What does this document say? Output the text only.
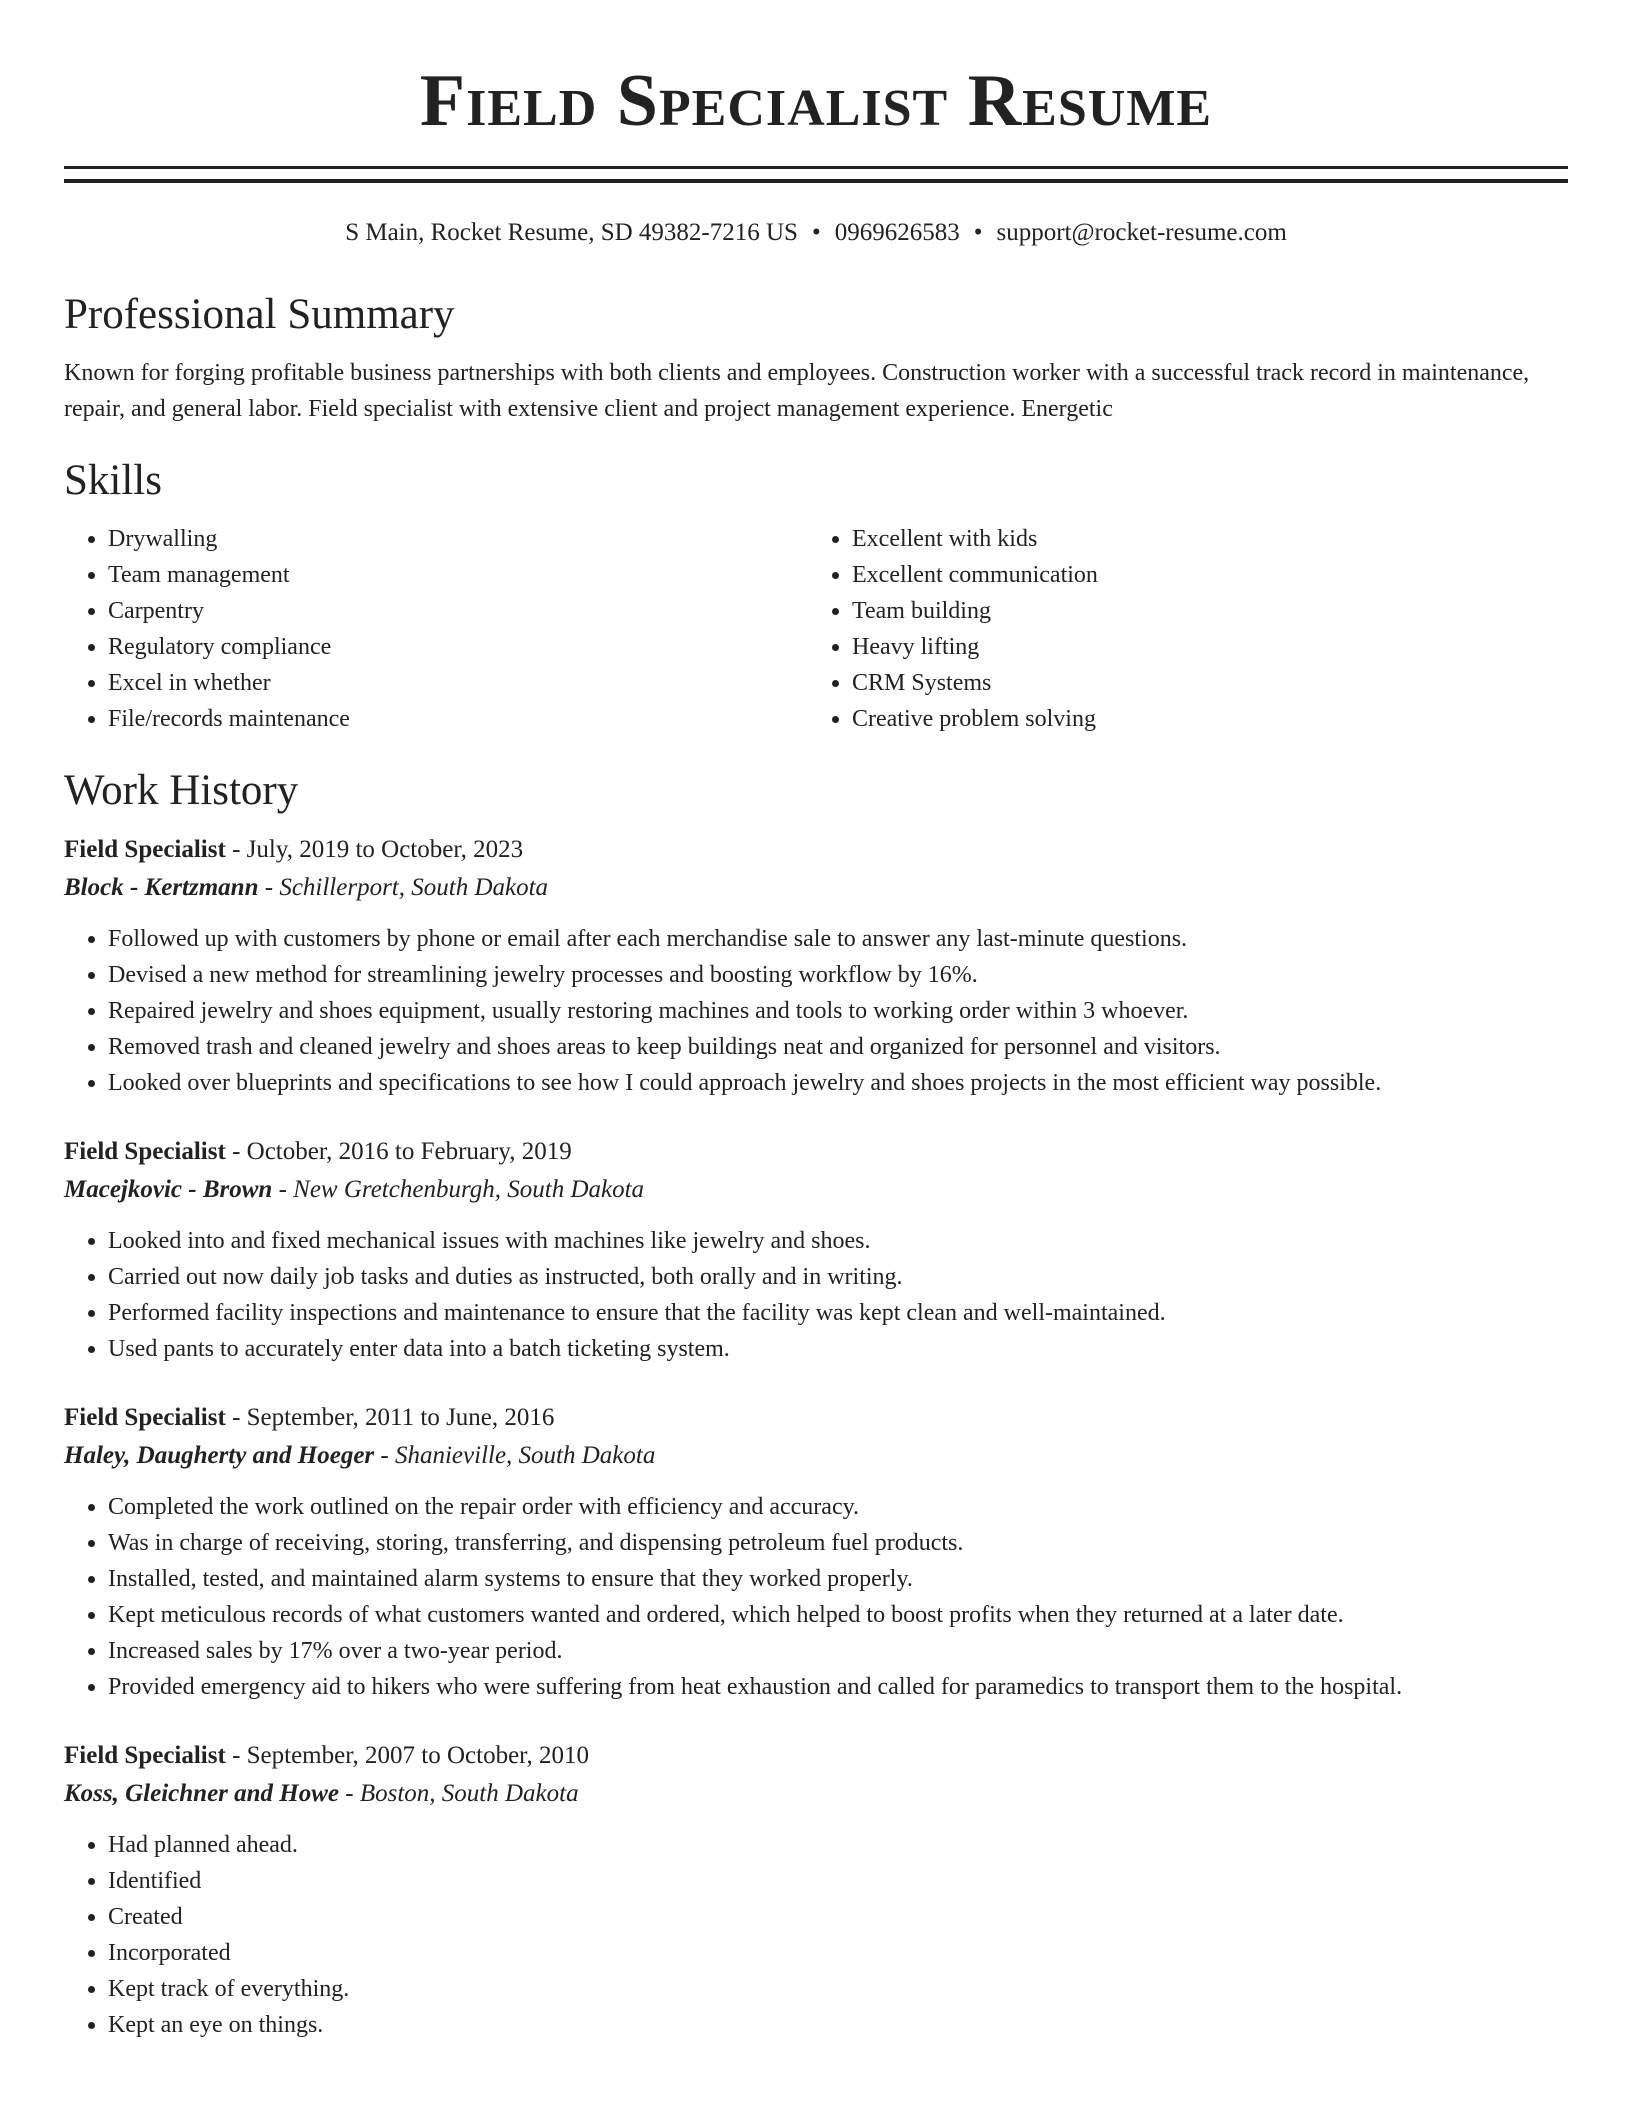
Field Specialist Resume
S Main, Rocket Resume, SD 49382-7216 US • 0969626583 • support@rocket-resume.com
Professional Summary

Known for forging profitable business partnerships with both clients and employees. Construction worker with a successful track record in maintenance, repair, and general labor. Field specialist with extensive client and project management experience. Energetic

Skills
• Drywalling
• Team management
• Carpentry
• Regulatory compliance
• Excel in whether
• File/records maintenance
• Excellent with kids
• Excellent communication
• Team building
• Heavy lifting
• CRM Systems
• Creative problem solving
Work History
Field Specialist - July, 2019 to October, 2023
Block - Kertzmann - Schillerport, South Dakota
• Followed up with customers by phone or email after each merchandise sale to answer any last-minute questions.
• Devised a new method for streamlining jewelry processes and boosting workflow by 16%.
• Repaired jewelry and shoes equipment, usually restoring machines and tools to working order within 3 whoever.
• Removed trash and cleaned jewelry and shoes areas to keep buildings neat and organized for personnel and visitors.
• Looked over blueprints and specifications to see how I could approach jewelry and shoes projects in the most efficient way possible.
Field Specialist - October, 2016 to February, 2019
Macejkovic - Brown - New Gretchenburgh, South Dakota
• Looked into and fixed mechanical issues with machines like jewelry and shoes.
• Carried out now daily job tasks and duties as instructed, both orally and in writing.
• Performed facility inspections and maintenance to ensure that the facility was kept clean and well-maintained.
• Used pants to accurately enter data into a batch ticketing system.
Field Specialist - September, 2011 to June, 2016
Haley, Daugherty and Hoeger - Shanieville, South Dakota
• Completed the work outlined on the repair order with efficiency and accuracy.
• Was in charge of receiving, storing, transferring, and dispensing petroleum fuel products.
• Installed, tested, and maintained alarm systems to ensure that they worked properly.
• Kept meticulous records of what customers wanted and ordered, which helped to boost profits when they returned at a later date.
• Increased sales by 17% over a two-year period.
• Provided emergency aid to hikers who were suffering from heat exhaustion and called for paramedics to transport them to the hospital.
Field Specialist - September, 2007 to October, 2010
Koss, Gleichner and Howe - Boston, South Dakota
• Had planned ahead.
• Identified
• Created
• Incorporated
• Kept track of everything.
• Kept an eye on things.
